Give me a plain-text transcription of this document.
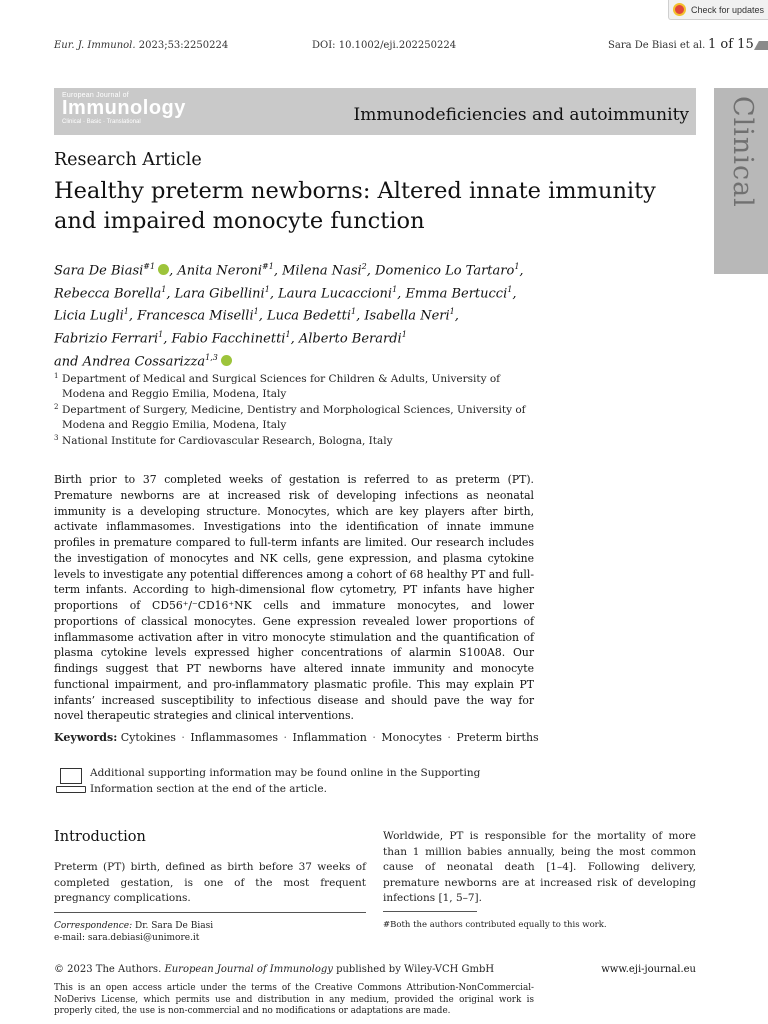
Check for updates
Eur. J. Immunol. 2023;53:2250224	DOI: 10.1002/eji.202250224	Sara De Biasi et al. 1 of 15
European Journal of
Immunology
Clinical · Basic · Translational	Immunodeficiencies and autoimmunity Clinical
Research Article
Healthy preterm newborns: Altered innate immunity and impaired monocyte function

Sara De Biasi$^{\#1}$ , Anita Neroni$^{\#1}$, Milena Nasi$^2$, Domenico Lo Tartaro$^1$,

Rebecca Borella$^1$, Lara Gibellini$^1$, Laura Lucaccioni$^1$, Emma Bertucci$^1$,

Licia Lugli$^1$, Francesca Miselli$^1$, Luca Bedetti$^1$, Isabella Neri$^1$,

Fabrizio Ferrari$^1$, Fabio Facchinetti$^1$, Alberto Berardi$^1$

and Andrea Cossarizza$^{1,3}$

1 Department of Medical and Surgical Sciences for Children & Adults, University of Modena and Reggio Emilia, Modena, Italy
2 Department of Surgery, Medicine, Dentistry and Morphological Sciences, University of Modena and Reggio Emilia, Modena, Italy
3 National Institute for Cardiovascular Research, Bologna, Italy
Birth prior to 37 completed weeks of gestation is referred to as preterm (PT). Premature newborns are at increased risk of developing infections as neonatal immunity is a developing structure. Monocytes, which are key players after birth, activate inflammasomes. Investigations into the identification of innate immune profiles in premature compared to full-term infants are limited. Our research includes the investigation of monocytes and NK cells, gene expression, and plasma cytokine levels to investigate any potential differences among a cohort of 68 healthy PT and full-term infants. According to high-dimensional flow cytometry, PT infants have higher proportions of CD56⁺/⁻CD16⁺NK cells and immature monocytes, and lower proportions of classical monocytes. Gene expression revealed lower proportions of inflammasome activation after in vitro monocyte stimulation and the quantification of plasma cytokine levels expressed higher concentrations of alarmin S100A8. Our findings suggest that PT newborns have altered innate immunity and monocyte functional impairment, and pro-inflammatory plasmatic profile. This may explain PT infants’ increased susceptibility to infectious disease and should pave the way for novel therapeutic strategies and clinical interventions.
Keywords: Cytokines · Inflammasomes · Inflammation · Monocytes · Preterm births
Additional supporting information may be found online in the Supporting Information section at the end of the article.
Introduction
Preterm (PT) birth, defined as birth before 37 weeks of completed gestation, is one of the most frequent pregnancy complications.
Worldwide, PT is responsible for the mortality of more than 1 million babies annually, being the most common cause of neonatal death [1–4]. Following delivery, premature newborns are at increased risk of developing infections [1, 5–7].
Correspondence: Dr. Sara De Biasi
e-mail: sara.debiasi@unimore.it
#Both the authors contributed equally to this work.
© 2023 The Authors. European Journal of Immunology published by Wiley-VCH GmbH	www.eji-journal.eu
This is an open access article under the terms of the Creative Commons Attribution-NonCommercial-NoDerivs License, which permits use and distribution in any medium, provided the original work is properly cited, the use is non-commercial and no modifications or adaptations are made.
